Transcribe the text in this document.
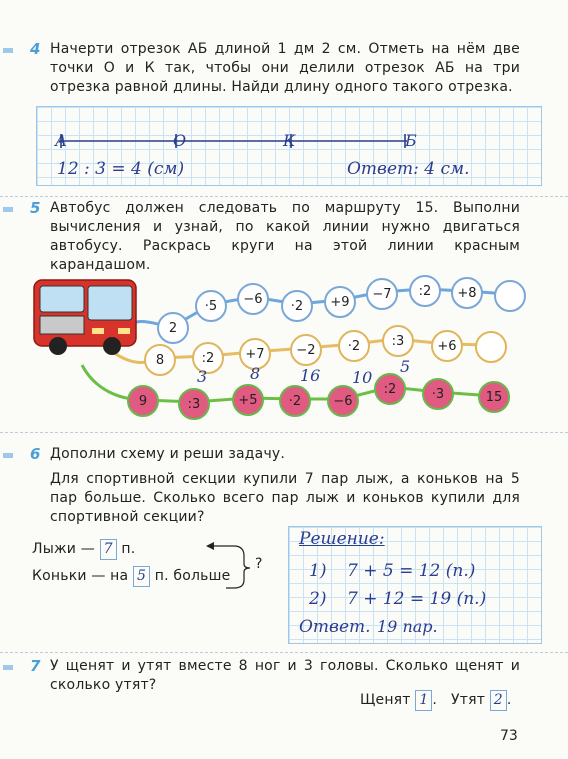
4 Начерти отрезок АБ длиной 1 дм 2 см. Отметь на нём две точки О и К так, чтобы они делили отрезок АБ на три отрезка равной длины. Найди длину одного такого отрезка.
А	О	К	Б
12 : 3 = 4 (см)	Ответ: 4 см.
5 Автобус должен следовать по маршруту 15. Выполни вычисления и узнай, по какой линии нужно двигаться автобусу. Раскрась круги на этой линии красным карандашом.
2
·5	−6	·2	+9
−7	:2	+8
8	:2	+7	−2	·2	:3	+6
9	:3	+5	·2	−6
:2	·3	15
3	8 16 10
5
6 Дополни схему и реши задачу.
Для спортивной секции купили 7 пар лыж, а коньков на 5 пар больше. Сколько всего пар лыж и коньков купили для спортивной секции?
Лыжи — 7 п.
Коньки — на 5 п. больше
?
Решение:
1) 7 + 5 = 12 (п.)
2) 7 + 12 = 19 (п.)
Ответ. 19 пар.
7 У щенят и утят вместе 8 ног и 3 головы. Сколько щенят и сколько утят?
Щенят 1 .   Утят 2 .
73
